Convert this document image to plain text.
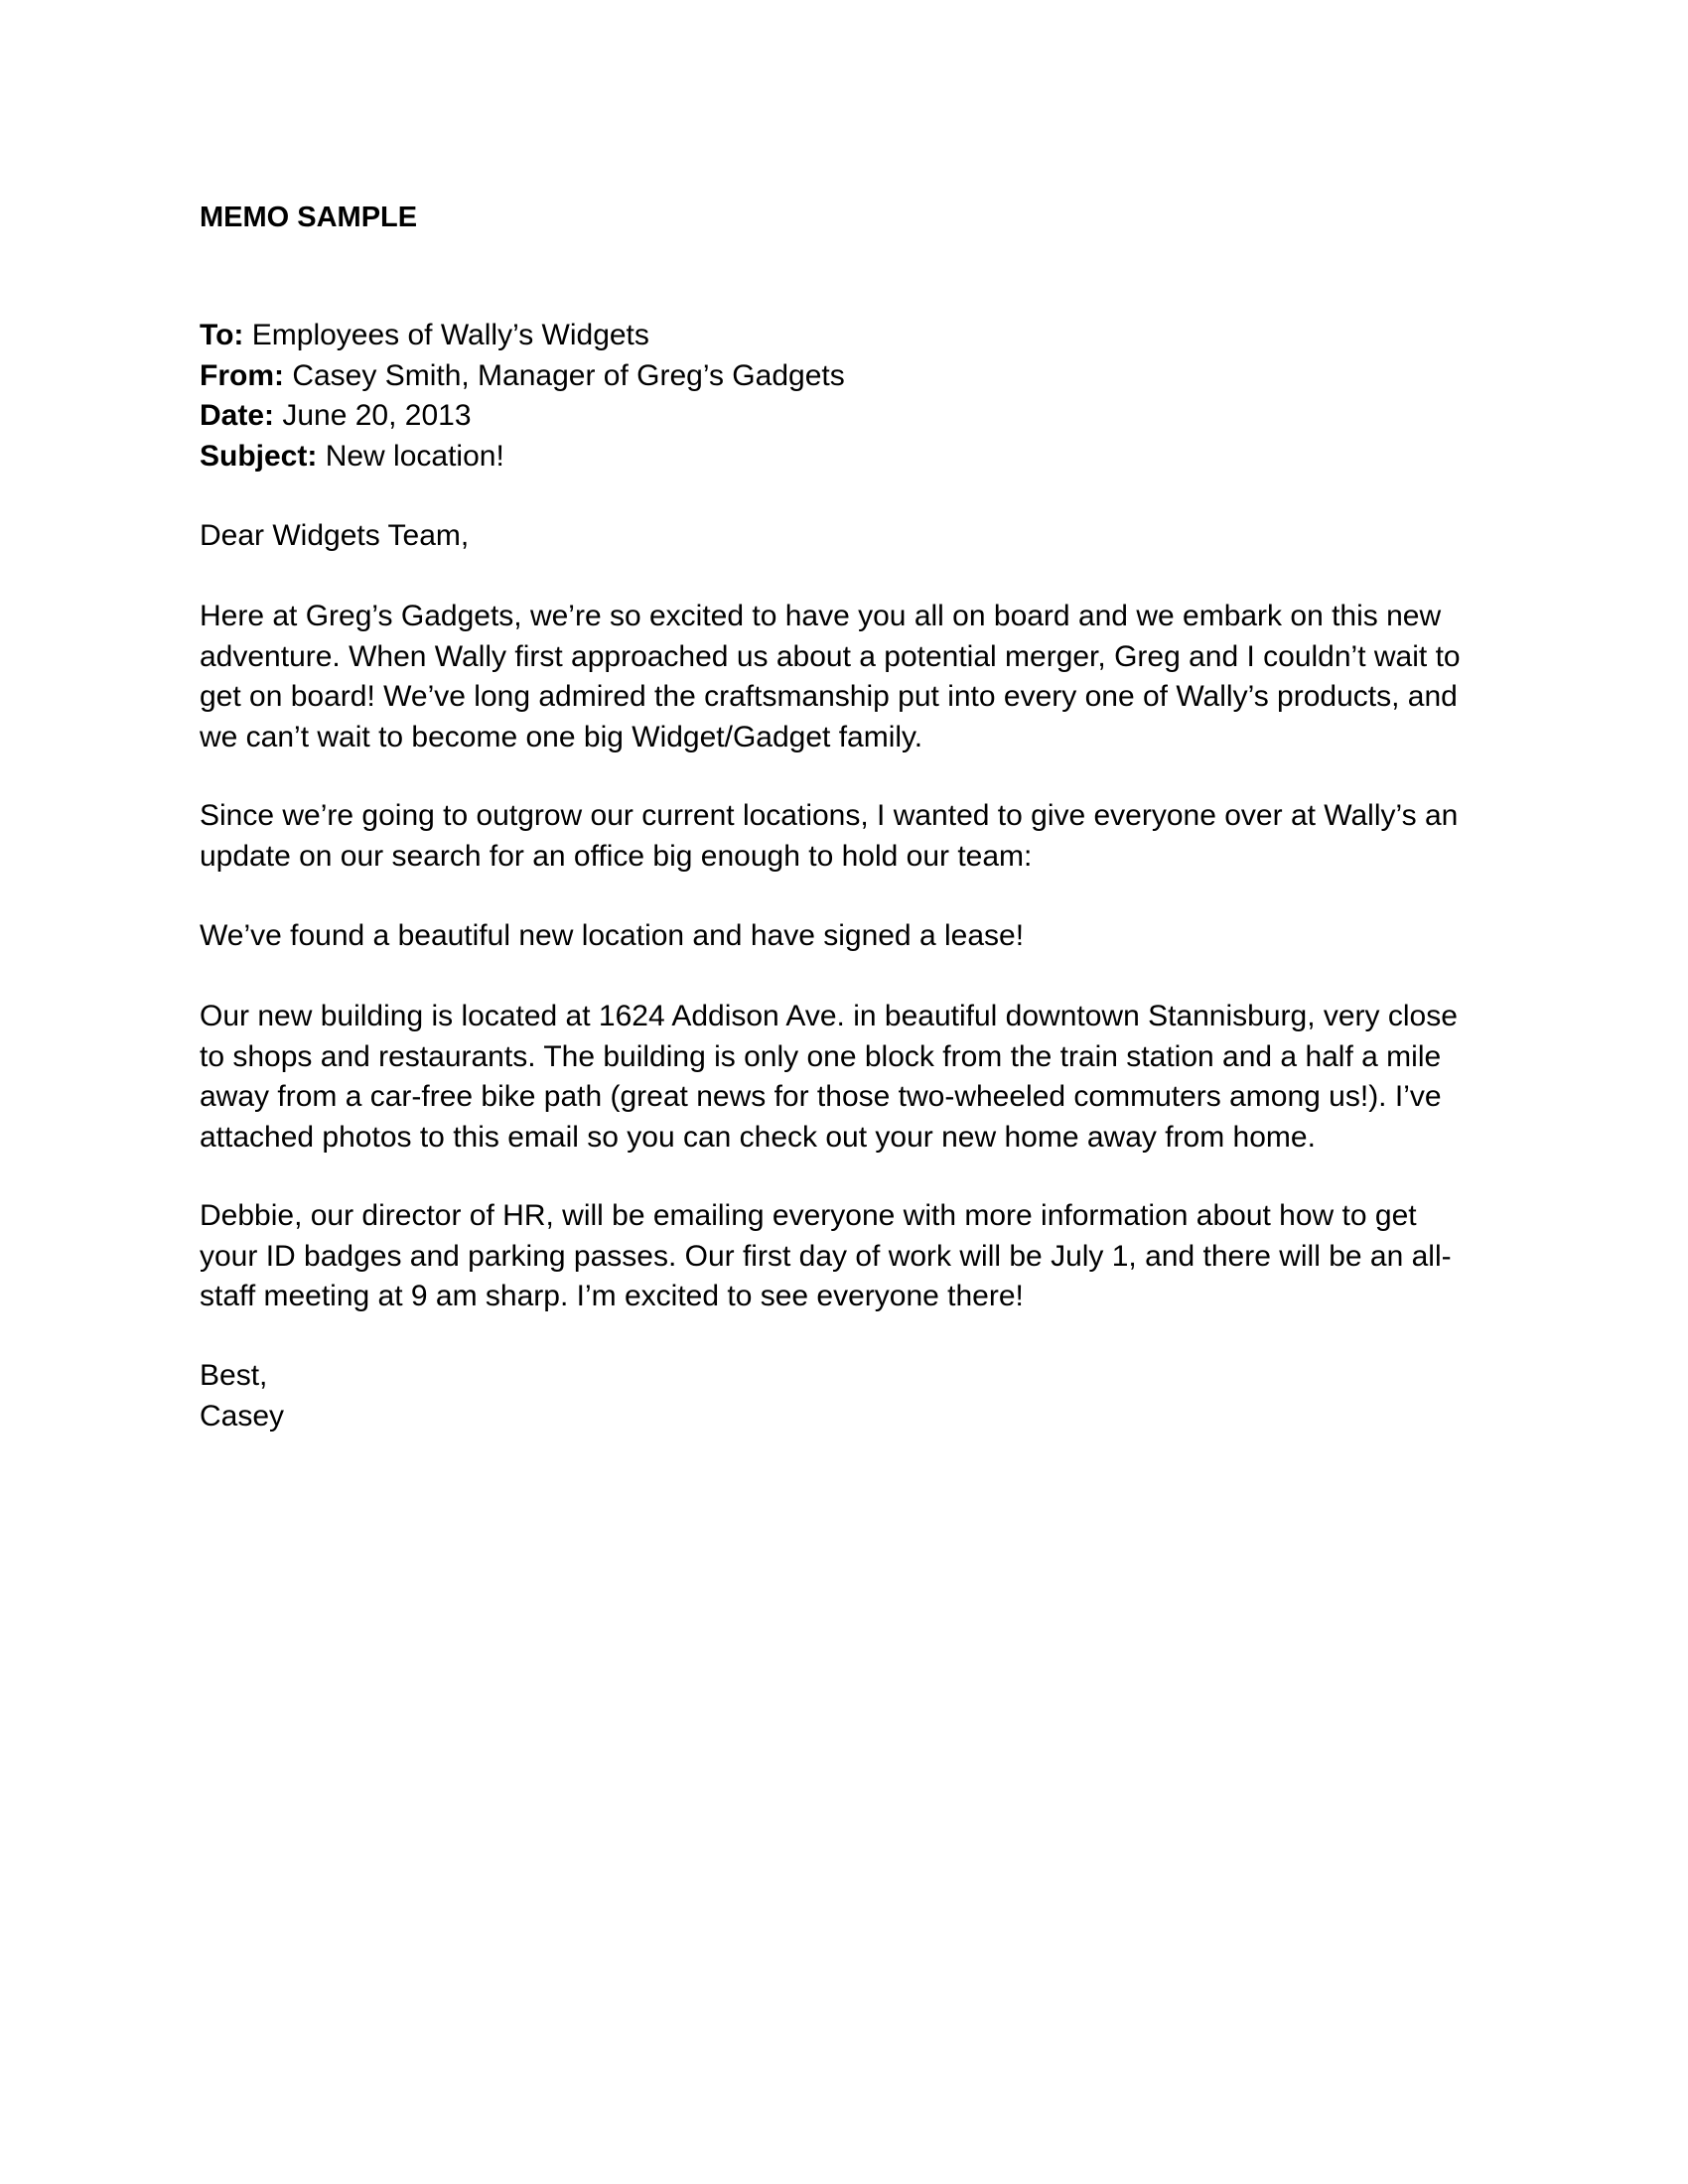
MEMO SAMPLE
To: Employees of Wally’s Widgets
From: Casey Smith, Manager of Greg’s Gadgets
Date: June 20, 2013
Subject: New location!
Dear Widgets Team,
Here at Greg’s Gadgets, we’re so excited to have you all on board and we embark on this new
adventure. When Wally first approached us about a potential merger, Greg and I couldn’t wait to
get on board! We’ve long admired the craftsmanship put into every one of Wally’s products, and
we can’t wait to become one big Widget/Gadget family.
Since we’re going to outgrow our current locations, I wanted to give everyone over at Wally’s an
update on our search for an office big enough to hold our team:
We’ve found a beautiful new location and have signed a lease!
Our new building is located at 1624 Addison Ave. in beautiful downtown Stannisburg, very close
to shops and restaurants. The building is only one block from the train station and a half a mile
away from a car-free bike path (great news for those two-wheeled commuters among us!). I’ve
attached photos to this email so you can check out your new home away from home.
Debbie, our director of HR, will be emailing everyone with more information about how to get
your ID badges and parking passes. Our first day of work will be July 1, and there will be an all-
staff meeting at 9 am sharp. I’m excited to see everyone there!
Best,
Casey
